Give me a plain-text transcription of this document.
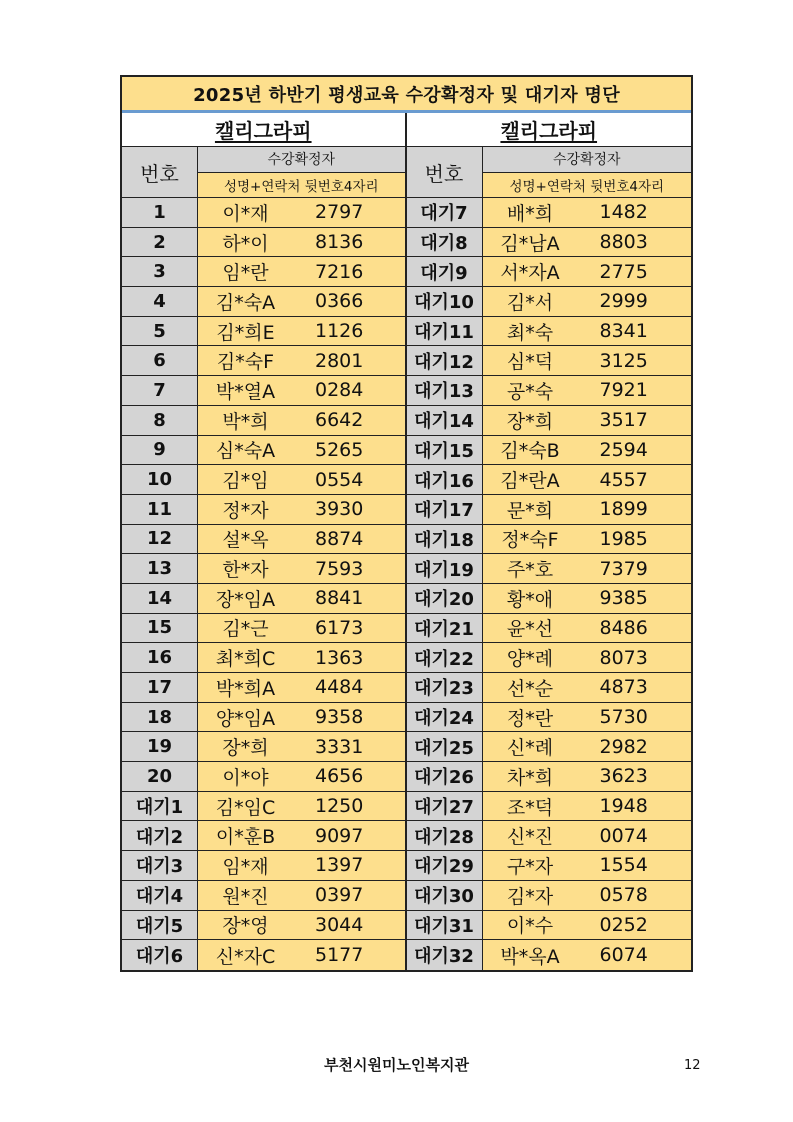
2025년 하반기 평생교육 수강확정자 및 대기자 명단
캘리그라피
번호
수강확정자
성명+연락처 뒷번호4자리
1	이*재	2797
2	하*이	8136
3	임*란	7216
4	김*숙A	0366
5	김*희E	1126
6	김*숙F	2801
7	박*열A	0284
8	박*희	6642
9	심*숙A	5265
10	김*임	0554
11	정*자	3930
12	설*옥	8874
13	한*자	7593
14	장*임A	8841
15	김*근	6173
16	최*희C	1363
17	박*희A	4484
18	양*임A	9358
19	장*희	3331
20	이*야	4656
대기1	김*임C	1250
대기2	이*훈B	9097
대기3	임*재	1397
대기4	원*진	0397
대기5	장*영	3044
대기6	신*자C	5177
캘리그라피
번호
수강확정자
성명+연락처 뒷번호4자리
대기7	배*희	1482
대기8	김*남A	8803
대기9	서*자A	2775
대기10	김*서	2999
대기11	최*숙	8341
대기12	심*덕	3125
대기13	공*숙	7921
대기14	장*희	3517
대기15	김*숙B	2594
대기16	김*란A	4557
대기17	문*희	1899
대기18	정*숙F	1985
대기19	주*호	7379
대기20	황*애	9385
대기21	윤*선	8486
대기22	양*례	8073
대기23	선*순	4873
대기24	정*란	5730
대기25	신*례	2982
대기26	차*희	3623
대기27	조*덕	1948
대기28	신*진	0074
대기29	구*자	1554
대기30	김*자	0578
대기31	이*수	0252
대기32	박*옥A	6074
부천시원미노인복지관	12
